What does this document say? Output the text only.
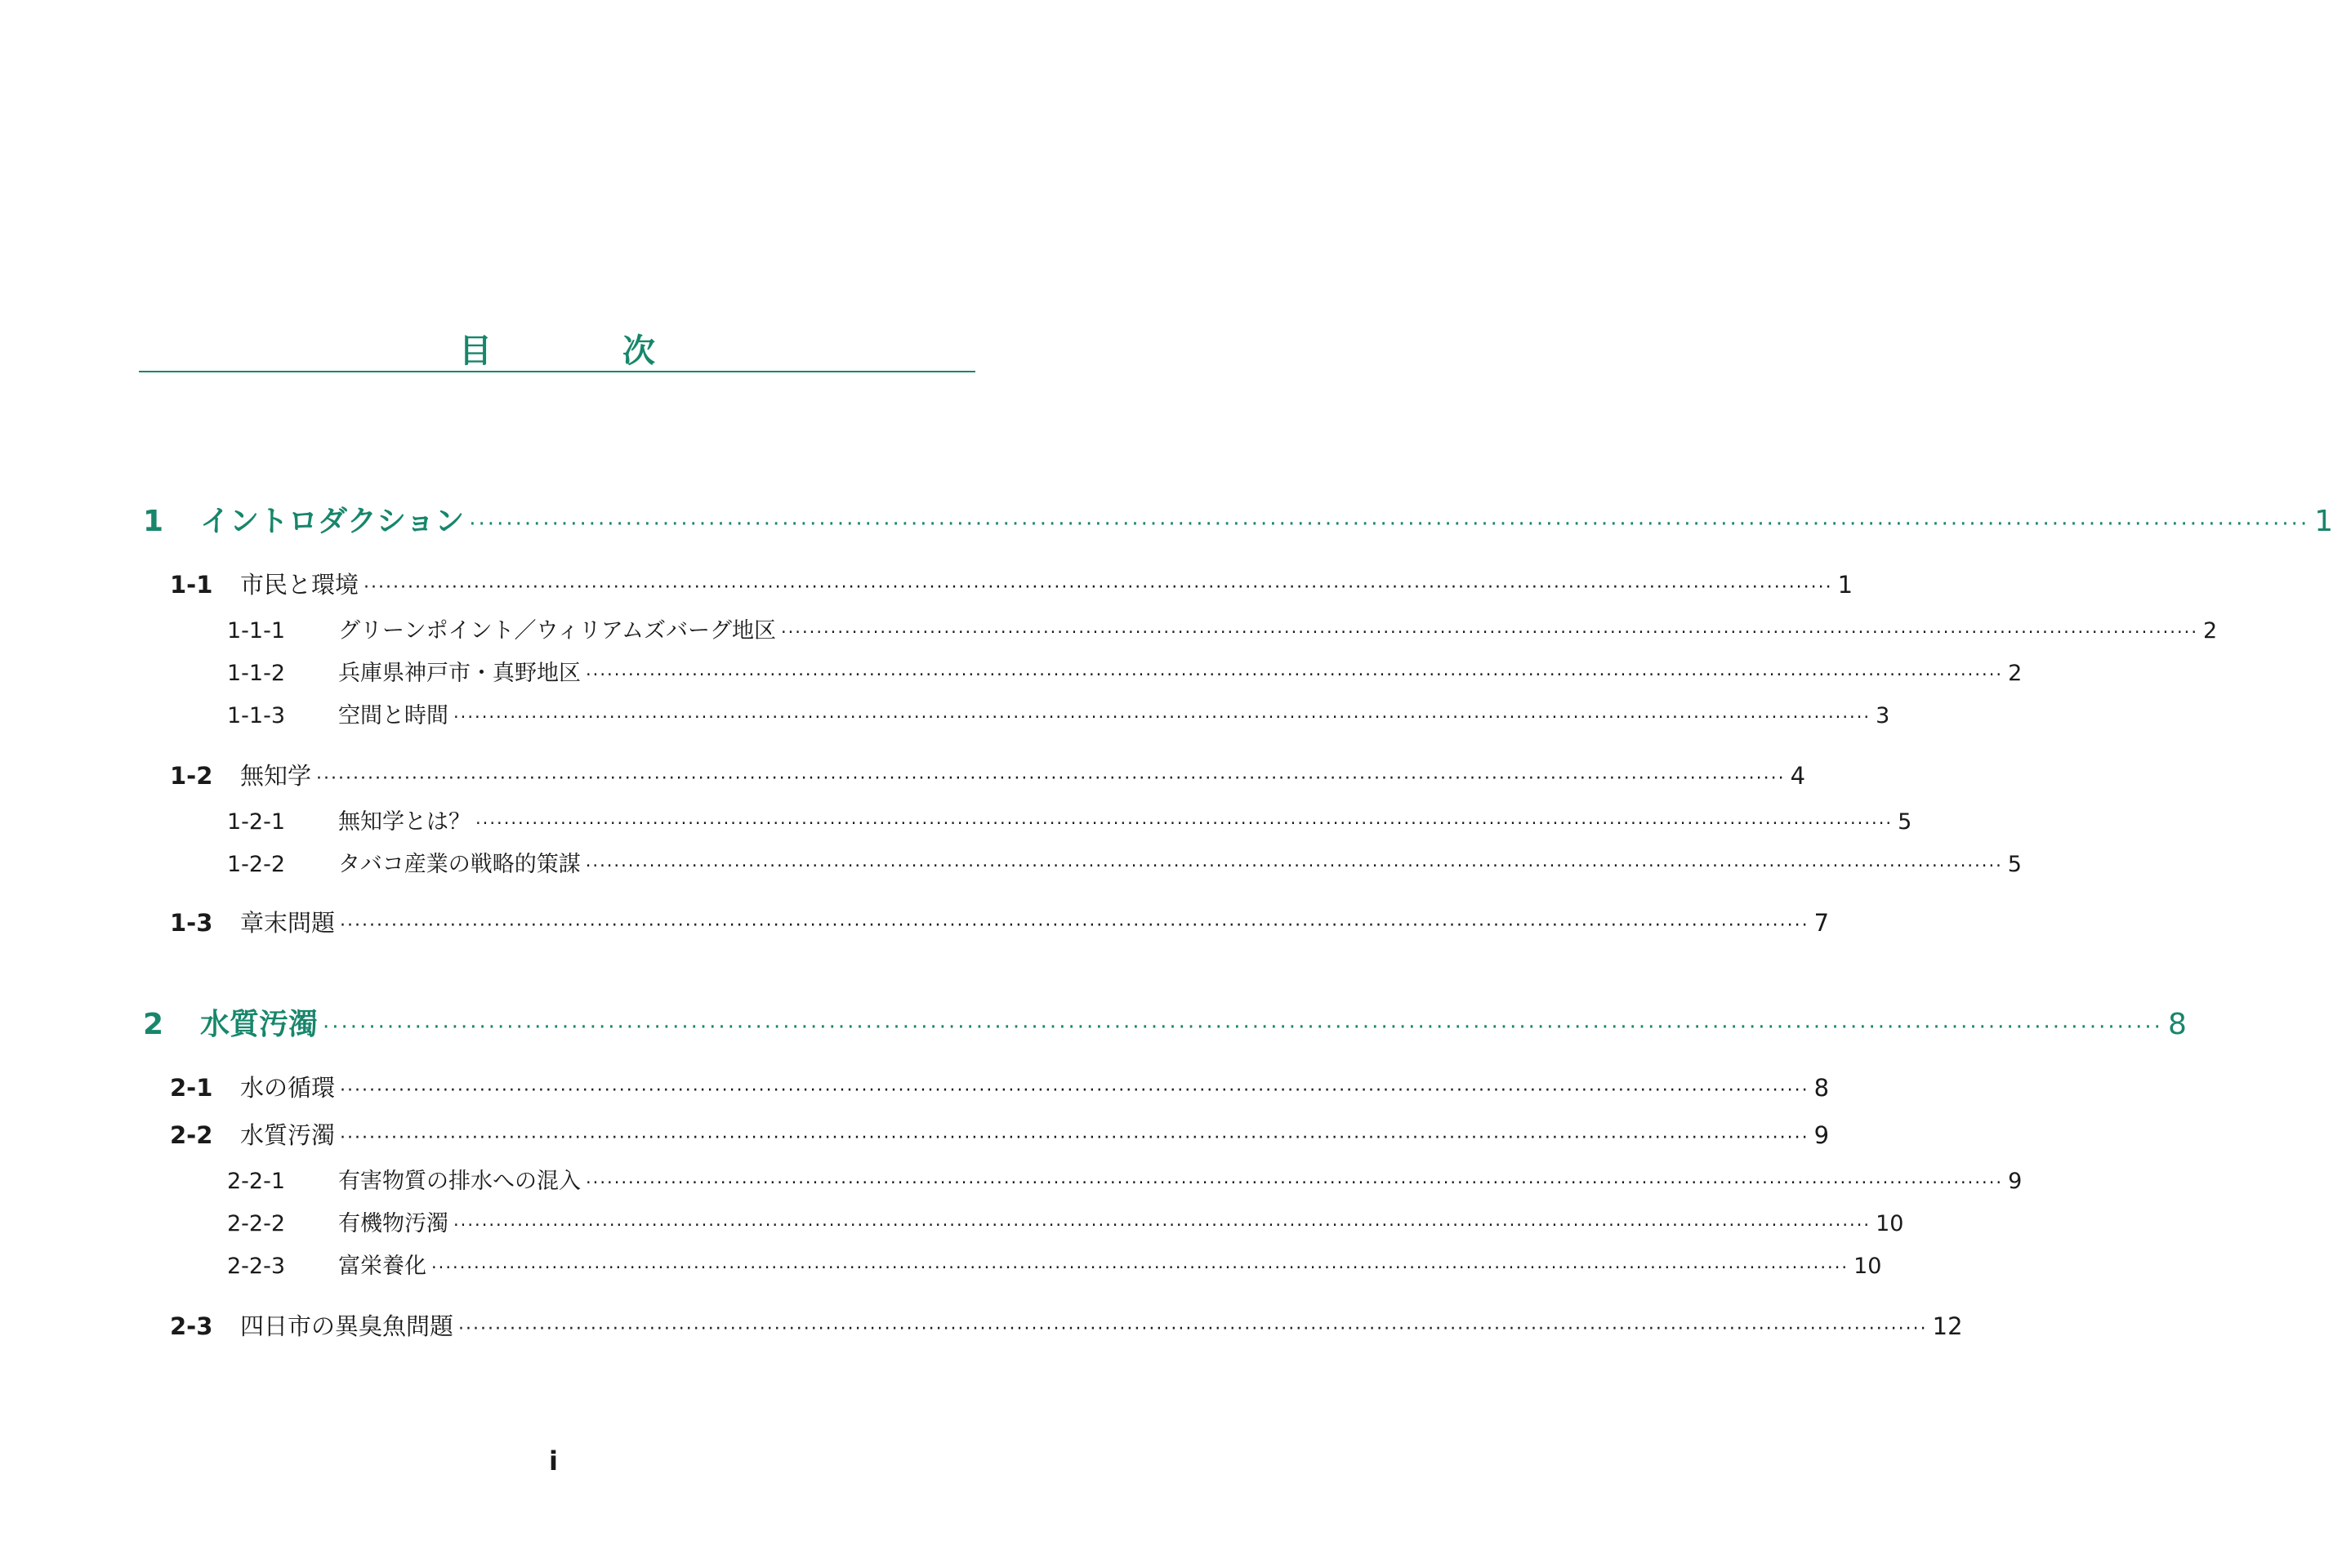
目　次
1	イントロダクション ········································································································································································································ 1
1-1	市民と環境 ········································································································································································································ 1
1-1-1	グリーンポイント／ウィリアムズバーグ地区 ········································································································································································································ 2
1-1-2	兵庫県神戸市・真野地区 ········································································································································································································ 2
1-1-3	空間と時間 ········································································································································································································ 3
1-2	無知学 ········································································································································································································ 4
1-2-1	無知学とは？ ········································································································································································································ 5
1-2-2	タバコ産業の戦略的策謀 ········································································································································································································ 5
1-3	章末問題 ········································································································································································································ 7
2	水質汚濁 ········································································································································································································ 8
2-1	水の循環 ········································································································································································································ 8
2-2	水質汚濁 ········································································································································································································ 9
2-2-1	有害物質の排水への混入 ········································································································································································································ 9
2-2-2	有機物汚濁 ········································································································································································································ 10
2-2-3	富栄養化 ········································································································································································································ 10
2-3	四日市の異臭魚問題 ········································································································································································································ 12
i
